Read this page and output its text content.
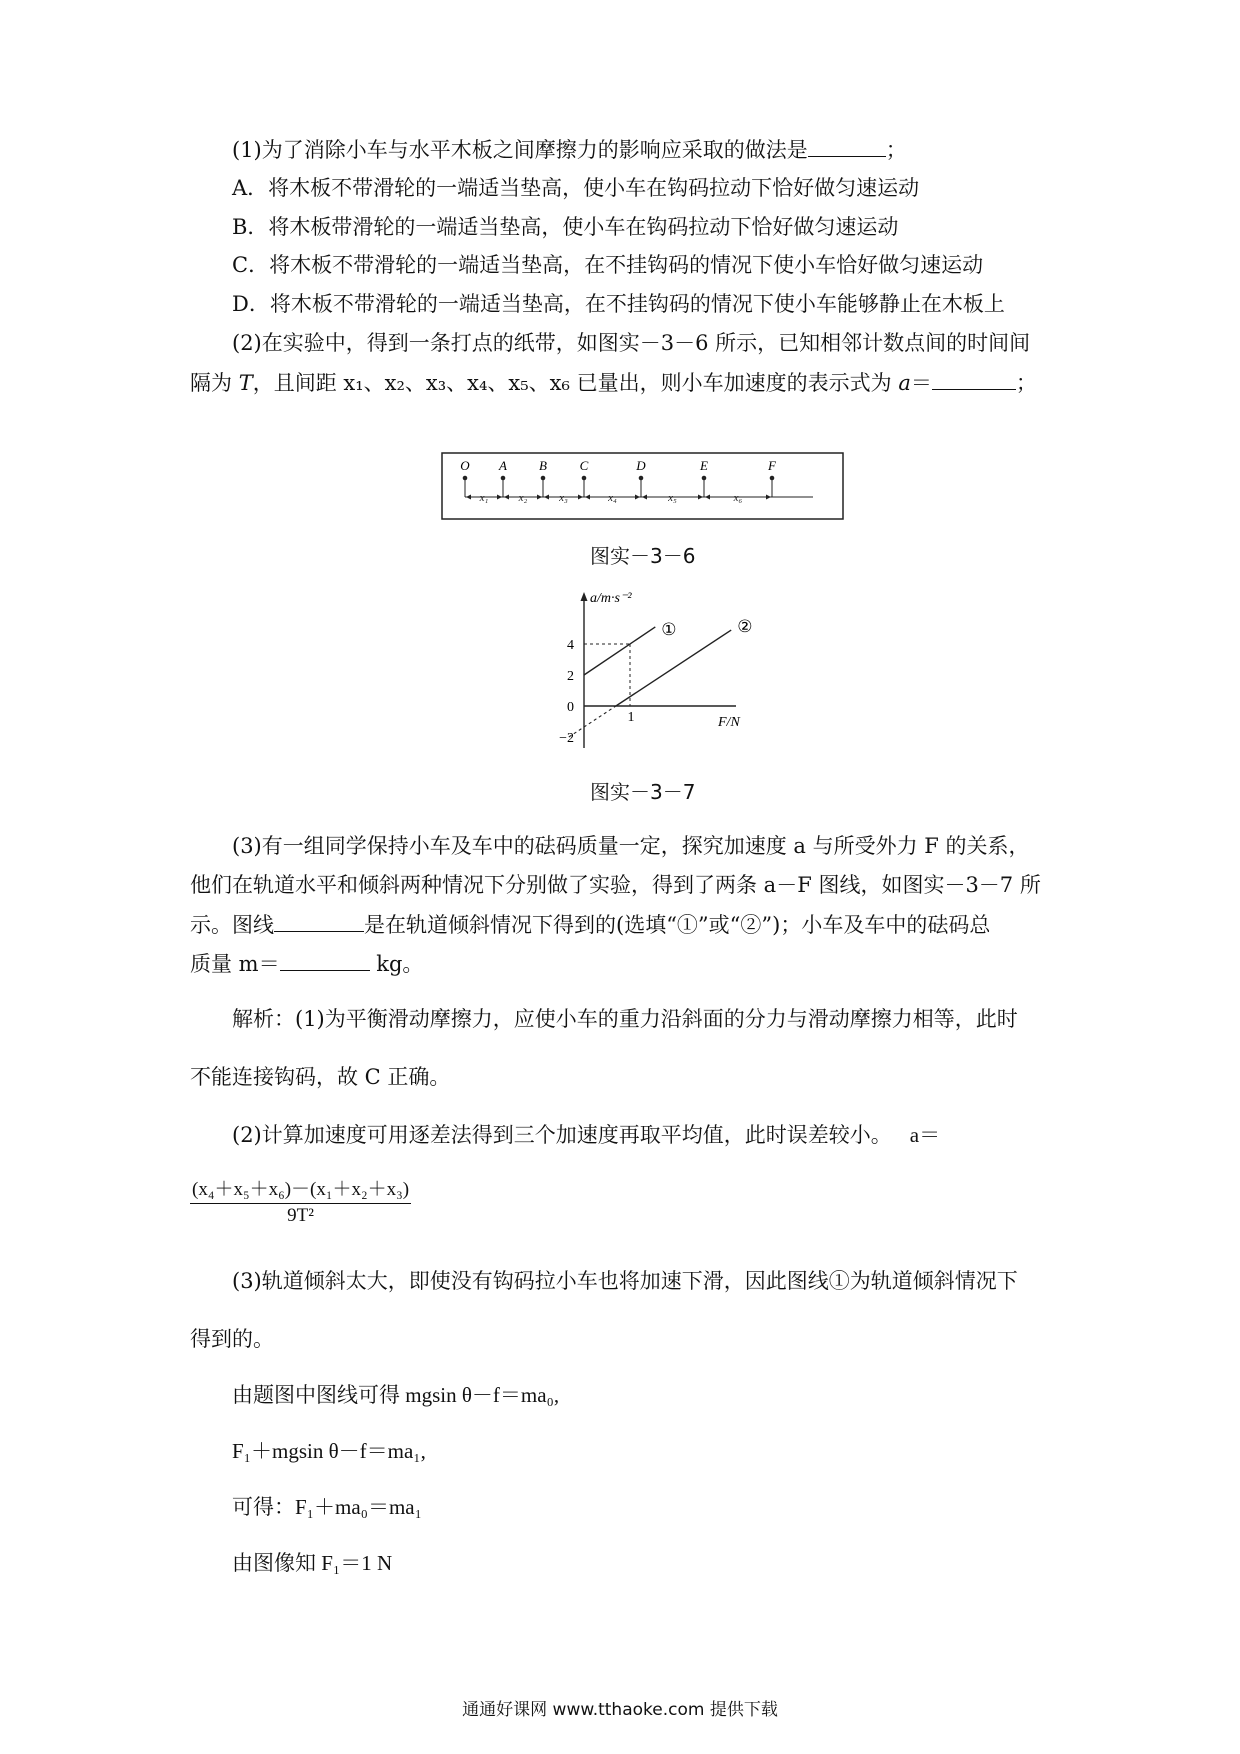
(1)为了消除小车与水平木板之间摩擦力的影响应采取的做法是	；
A．将木板不带滑轮的一端适当垫高，使小车在钩码拉动下恰好做匀速运动
B．将木板带滑轮的一端适当垫高，使小车在钩码拉动下恰好做匀速运动
C．将木板不带滑轮的一端适当垫高，在不挂钩码的情况下使小车恰好做匀速运动
D．将木板不带滑轮的一端适当垫高，在不挂钩码的情况下使小车能够静止在木板上
(2)在实验中，得到一条打点的纸带，如图实－3－6 所示，已知相邻计数点间的时间间
隔为 T，且间距 x₁、x₂、x₃、x₄、x₅、x₆ 已量出，则小车加速度的表示式为 a＝	；
O A B	C	D	E	F
x₁	x₂	x₃	x₄	x₅	x₆
图实－3－6
a/m·s⁻²
F/N
4
2
0
−2
1
①	②
图实－3－7
(3)有一组同学保持小车及车中的砝码质量一定，探究加速度 a 与所受外力 F 的关系，
他们在轨道水平和倾斜两种情况下分别做了实验，得到了两条 a－F 图线，如图实－3－7 所
示。图线	是在轨道倾斜情况下得到的(选填“①”或“②”)；小车及车中的砝码总
质量 m＝	kg。
解析：(1)为平衡滑动摩擦力，应使小车的重力沿斜面的分力与滑动摩擦力相等，此时
不能连接钩码，故 C 正确。
(2)计算加速度可用逐差法得到三个加速度再取平均值，此时误差较小。 a＝
$\frac{\text{(x₄＋x₅＋x₆)－(x₁＋x₂＋x₃)}}{\text{9T²}}$
(3)轨道倾斜太大，即使没有钩码拉小车也将加速下滑，因此图线①为轨道倾斜情况下
得到的。
由题图中图线可得 mgsin θ－f＝ma₀,
F₁＋mgsin θ－f＝ma₁,
可得：F₁＋ma₀＝ma₁
由图像知 F₁＝1 N
通通好课网 www.tthaoke.com 提供下载
